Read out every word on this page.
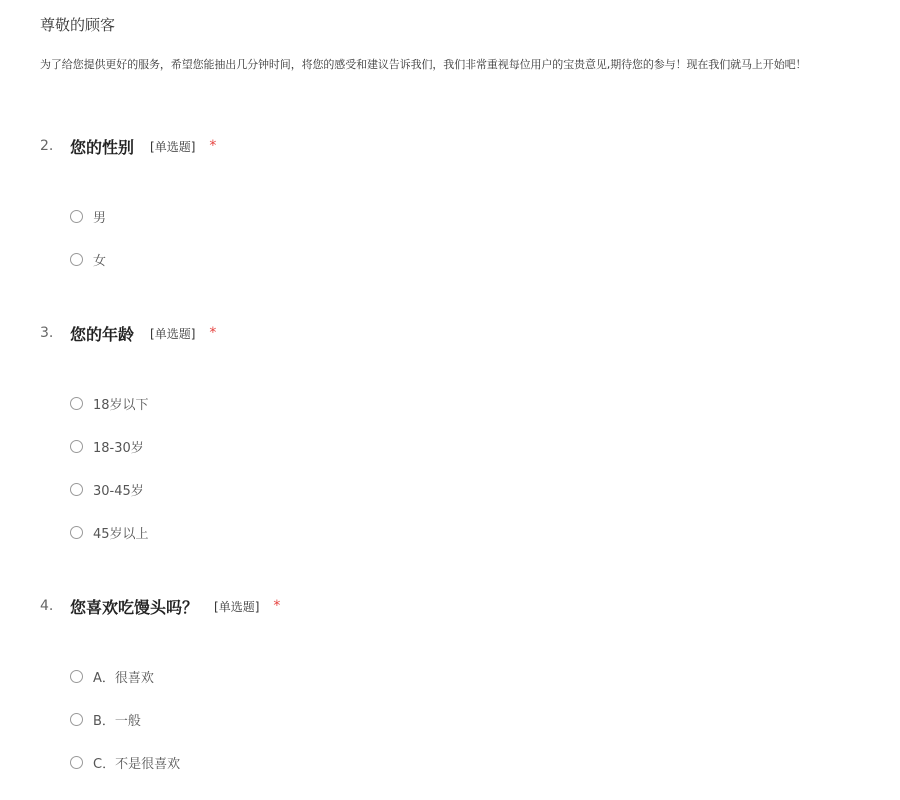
尊敬的顾客
为了给您提供更好的服务，希望您能抽出几分钟时间，将您的感受和建议告诉我们，我们非常重视每位用户的宝贵意见,期待您的参与！现在我们就马上开始吧！
2.	您的性别 [单选题] *
男
女
3.	您的年龄 [单选题] *
18岁以下
18-30岁
30-45岁
45岁以上
4.	您喜欢吃馒头吗？ [单选题] *
A．很喜欢
B．一般
C．不是很喜欢
